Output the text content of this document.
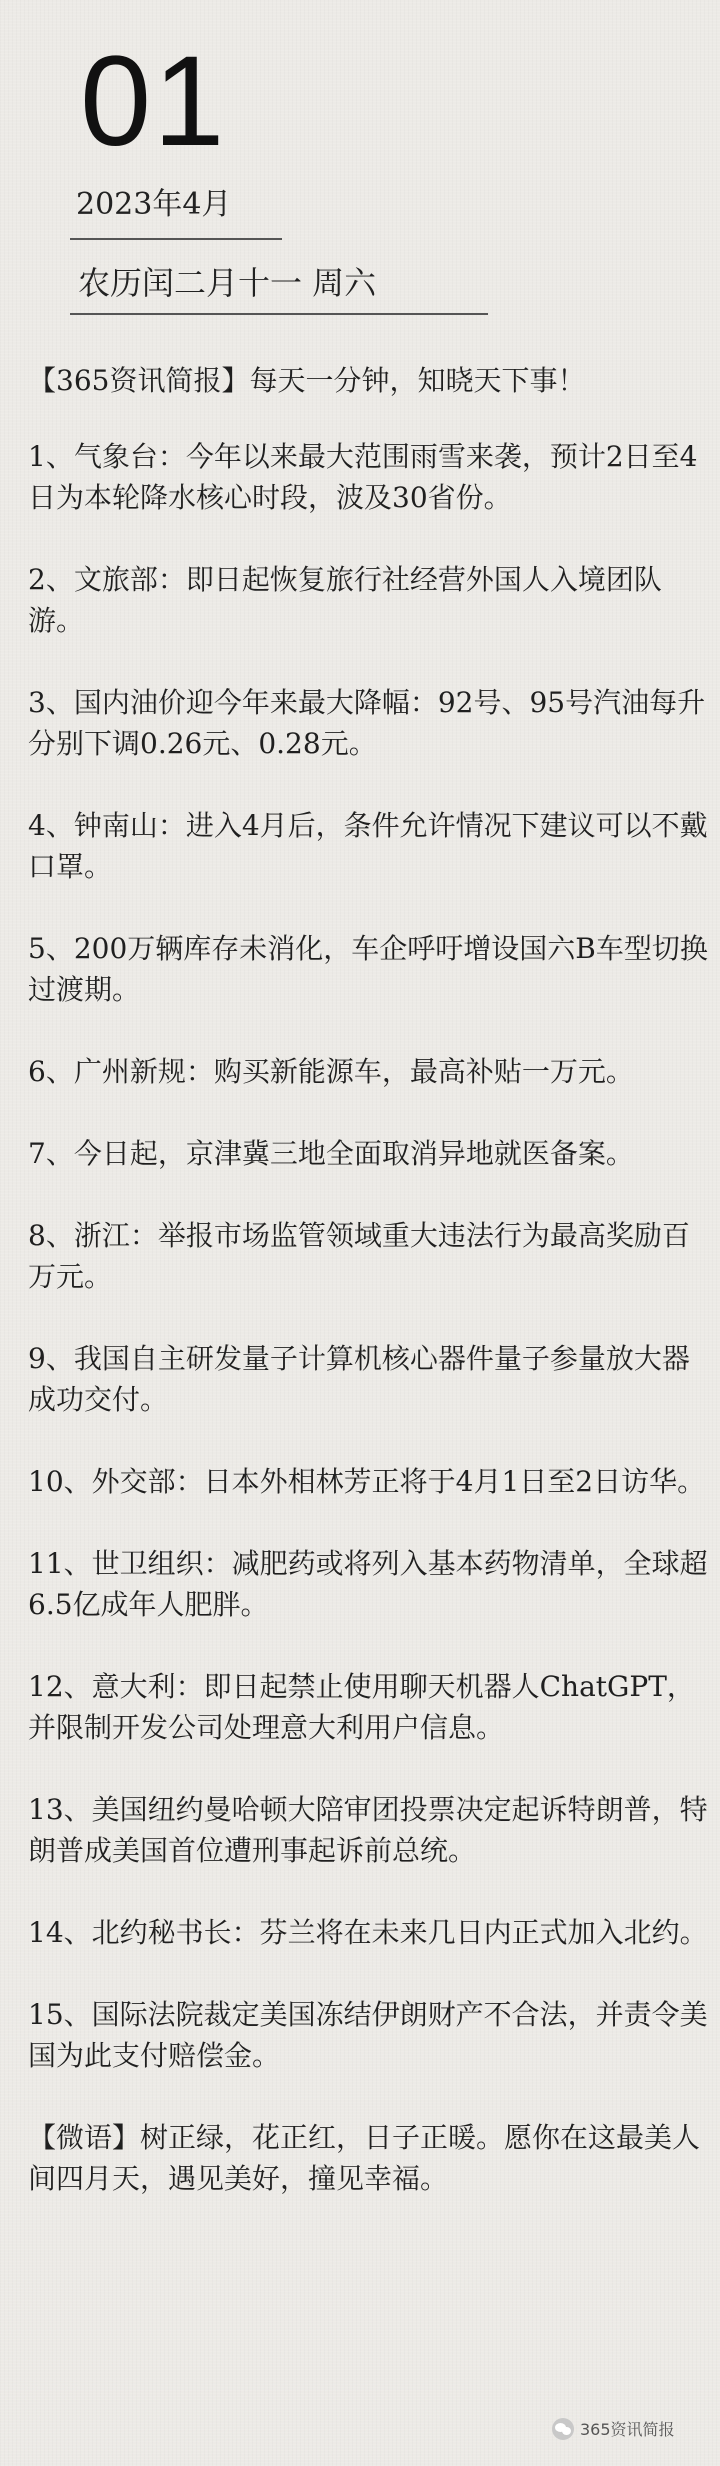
01
2023年4月
农历闰二月十一 周六

【365资讯简报】每天一分钟，知晓天下事！

1、气象台：今年以来最大范围雨雪来袭，预计2日至4日为本轮降水核心时段，波及30省份。

2、文旅部：即日起恢复旅行社经营外国人入境团队游。

3、国内油价迎今年来最大降幅：92号、95号汽油每升分别下调0.26元、0.28元。

4、钟南山：进入4月后，条件允许情况下建议可以不戴口罩。

5、200万辆库存未消化，车企呼吁增设国六B车型切换过渡期。

6、广州新规：购买新能源车，最高补贴一万元。

7、今日起，京津冀三地全面取消异地就医备案。

8、浙江：举报市场监管领域重大违法行为最高奖励百万元。

9、我国自主研发量子计算机核心器件量子参量放大器成功交付。

10、外交部：日本外相林芳正将于4月1日至2日访华。

11、世卫组织：减肥药或将列入基本药物清单，全球超6.5亿成年人肥胖。

12、意大利：即日起禁止使用聊天机器人ChatGPT，并限制开发公司处理意大利用户信息。

13、美国纽约曼哈顿大陪审团投票决定起诉特朗普，特朗普成美国首位遭刑事起诉前总统。

14、北约秘书长：芬兰将在未来几日内正式加入北约。

15、国际法院裁定美国冻结伊朗财产不合法，并责令美国为此支付赔偿金。

【微语】树正绿，花正红，日子正暖。愿你在这最美人间四月天，遇见美好，撞见幸福。

365资讯简报
